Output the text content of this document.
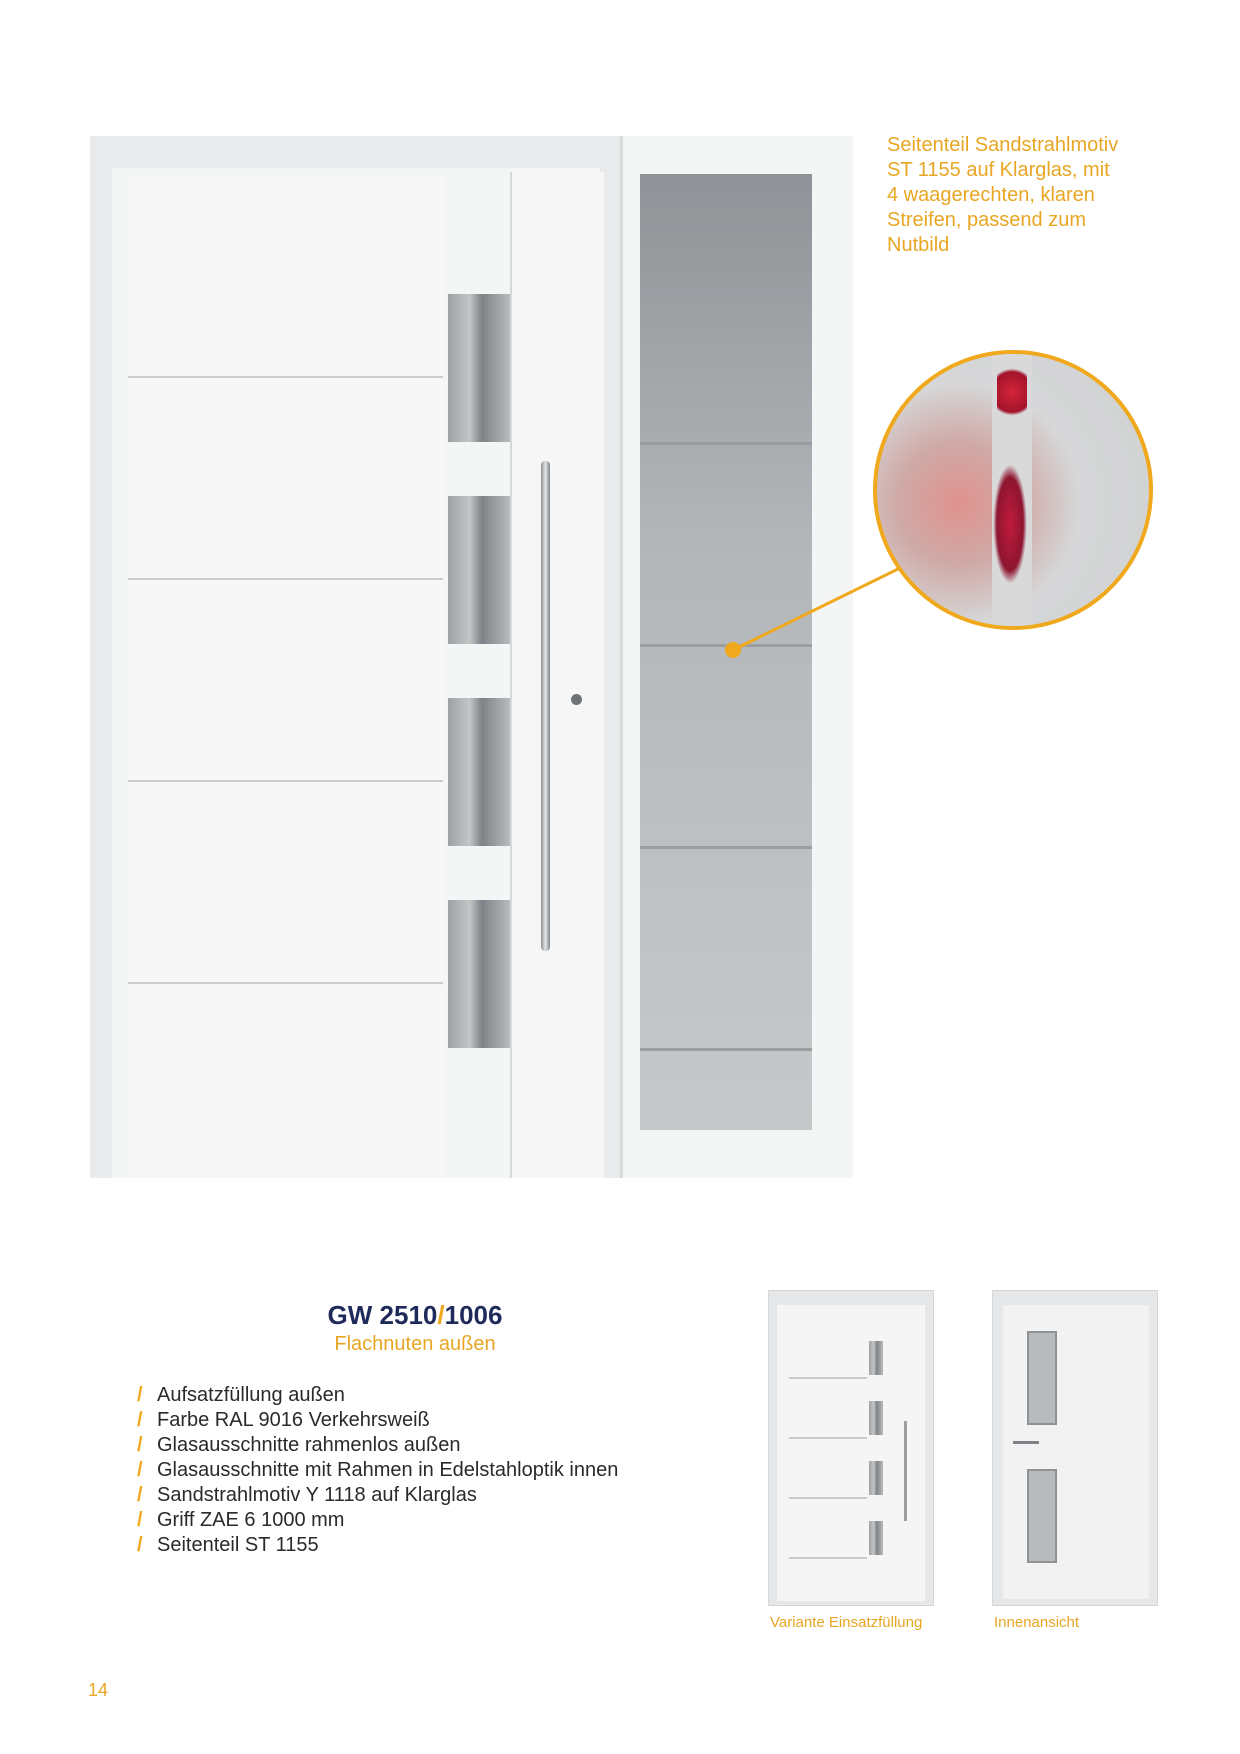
Seitenteil Sandstrahlmotiv
ST 1155 auf Klarglas, mit
4 waagerechten, klaren
Streifen, passend zum
Nutbild
GW 2510/1006
Flachnuten außen
/ Aufsatzfüllung außen
/ Farbe RAL 9016 Verkehrsweiß
/ Glasausschnitte rahmenlos außen
/ Glasausschnitte mit Rahmen in Edelstahloptik innen
/ Sandstrahlmotiv Y 1118 auf Klarglas
/ Griff ZAE 6 1000 mm
/ Seitenteil ST 1155
Variante Einsatzfüllung	Innenansicht
14
